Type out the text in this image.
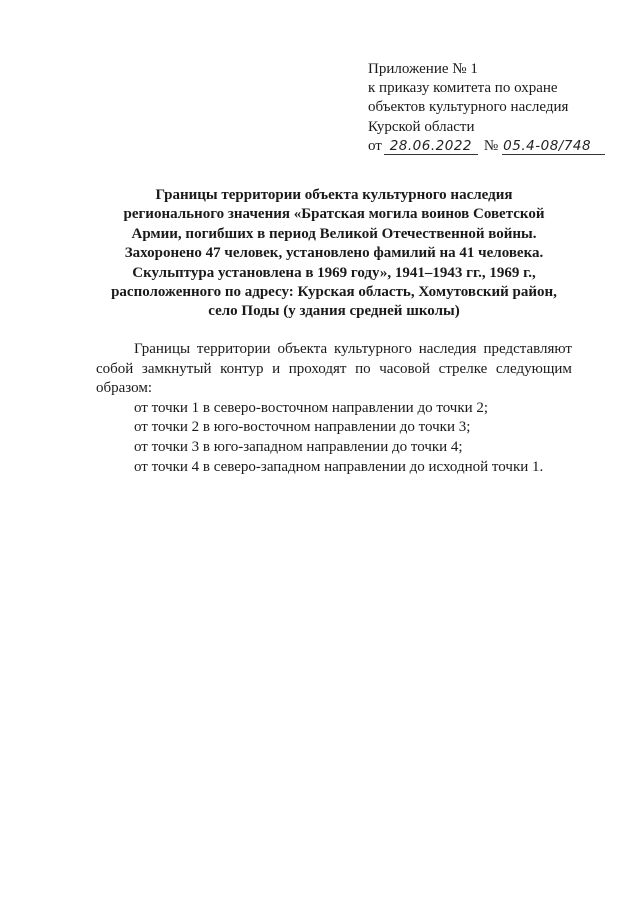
Приложение № 1
к приказу комитета по охране
объектов культурного наследия
Курской области
от 28.06.2022 № 05.4-08/748
Границы территории объекта культурного наследия
регионального значения «Братская могила воинов Советской
Армии, погибших в период Великой Отечественной войны.
Захоронено 47 человек, установлено фамилий на 41 человека.
Скульптура установлена в 1969 году», 1941–1943 гг., 1969 г.,
расположенного по адресу: Курская область, Хомутовский район,
село Поды (у здания средней школы)
Границы территории объекта культурного наследия представляют
собой замкнутый контур и проходят по часовой стрелке следующим
образом:
от точки 1 в северо-восточном направлении до точки 2;
от точки 2 в юго-восточном направлении до точки 3;
от точки 3 в юго-западном направлении до точки 4;
от точки 4 в северо-западном направлении до исходной точки 1.
